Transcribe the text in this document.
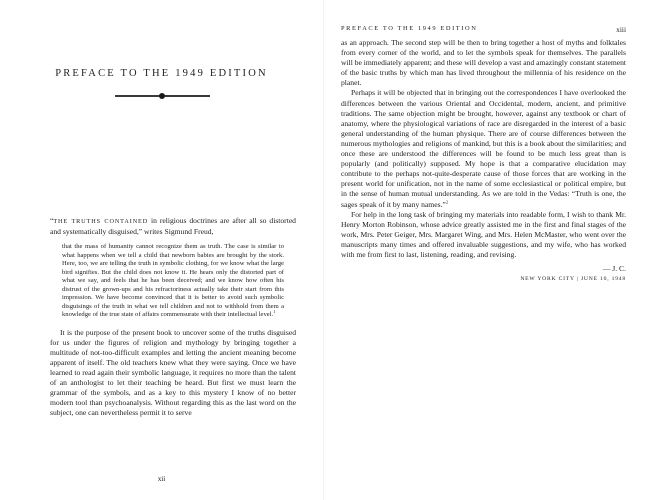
PREFACE TO THE 1949 EDITION

“THE TRUTHS CONTAINED in religious doctrines are after all so distorted and systematically disguised,” writes Sigmund Freud,

that the mass of humanity cannot recognize them as truth. The case is similar to what happens when we tell a child that newborn babies are brought by the stork. Here, too, we are telling the truth in symbolic clothing, for we know what the large bird signifies. But the child does not know it. He hears only the distorted part of what we say, and feels that he has been deceived; and we know how often his distrust of the grown-ups and his refractoriness actually take their start from this impression. We have become convinced that it is better to avoid such symbolic disguisings of the truth in what we tell children and not to withhold from them a knowledge of the true state of affairs commensurate with their intellectual level.$^1$

It is the purpose of the present book to uncover some of the truths disguised for us under the figures of religion and mythology by bringing together a multitude of not-too-difficult examples and letting the ancient meaning become apparent of itself. The old teachers knew what they were saying. Once we have learned to read again their symbolic language, it requires no more than the talent of an anthologist to let their teaching be heard. But first we must learn the grammar of the symbols, and as a key to this mystery I know of no better modern tool than psychoanalysis. Without regarding this as the last word on the subject, one can nevertheless permit it to serve

xii
PREFACE TO THE 1949 EDITION	xiii

as an approach. The second step will be then to bring together a host of myths and folktales from every corner of the world, and to let the symbols speak for themselves. The parallels will be immediately apparent; and these will develop a vast and amazingly constant statement of the basic truths by which man has lived throughout the millennia of his residence on the planet.

Perhaps it will be objected that in bringing out the correspondences I have overlooked the differences between the various Oriental and Occidental, modern, ancient, and primitive traditions. The same objection might be brought, however, against any textbook or chart of anatomy, where the physiological variations of race are disregarded in the interest of a basic general understanding of the human physique. There are of course differences between the numerous mythologies and religions of mankind, but this is a book about the similarities; and once these are understood the differences will be found to be much less great than is popularly (and politically) supposed. My hope is that a comparative elucidation may contribute to the perhaps not-quite-desperate cause of those forces that are working in the present world for unification, not in the name of some ecclesiastical or political empire, but in the sense of human mutual understanding. As we are told in the Vedas: “Truth is one, the sages speak of it by many names.”$^2$

For help in the long task of bringing my materials into readable form, I wish to thank Mr. Henry Morton Robinson, whose advice greatly assisted me in the first and final stages of the work, Mrs. Peter Geiger, Mrs. Margaret Wing, and Mrs. Helen McMaster, who went over the manuscripts many times and offered invaluable suggestions, and my wife, who has worked with me from first to last, listening, reading, and revising.

— J. C.
NEW YORK CITY | JUNE 10, 1948
